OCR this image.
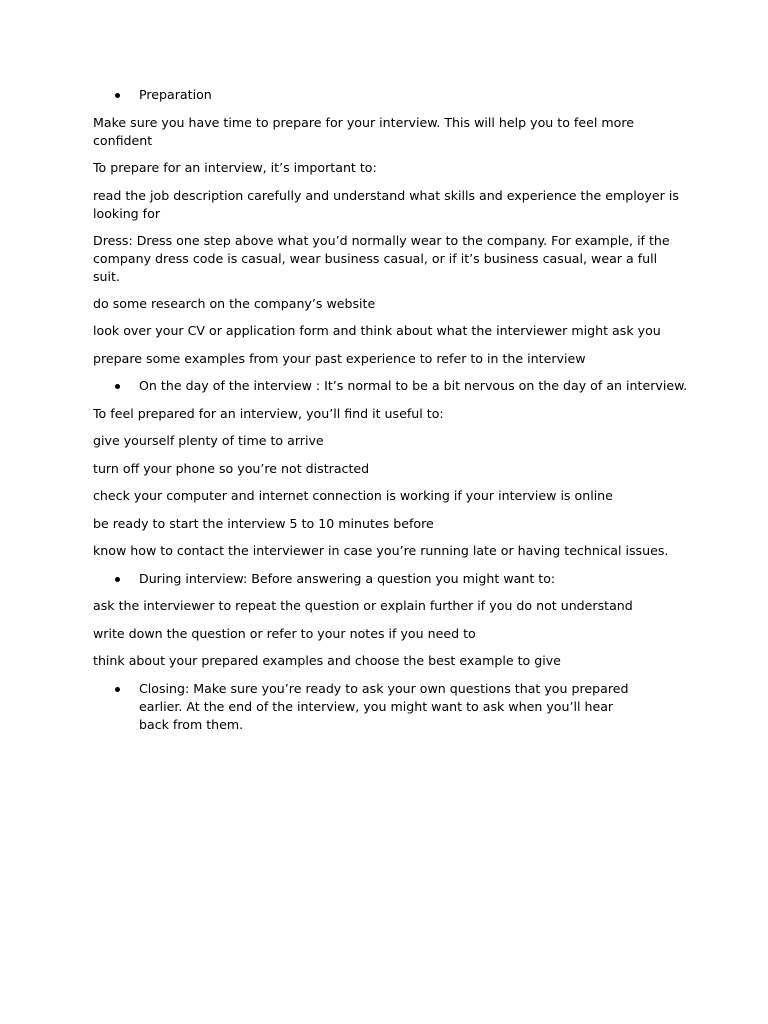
Preparation
Make sure you have time to prepare for your interview. This will help you to feel more confident
To prepare for an interview, it’s important to:
read the job description carefully and understand what skills and experience the employer is looking for
Dress: Dress one step above what you’d normally wear to the company. For example, if the company dress code is casual, wear business casual, or if it’s business casual, wear a full suit.
do some research on the company’s website
look over your CV or application form and think about what the interviewer might ask you
prepare some examples from your past experience to refer to in the interview
On the day of the interview : It’s normal to be a bit nervous on the day of an interview.
To feel prepared for an interview, you’ll find it useful to:
give yourself plenty of time to arrive
turn off your phone so you’re not distracted
check your computer and internet connection is working if your interview is online
be ready to start the interview 5 to 10 minutes before
know how to contact the interviewer in case you’re running late or having technical issues.
During interview: Before answering a question you might want to:
ask the interviewer to repeat the question or explain further if you do not understand
write down the question or refer to your notes if you need to
think about your prepared examples and choose the best example to give
Closing: Make sure you’re ready to ask your own questions that you prepared earlier. At the end of the interview, you might want to ask when you’ll hear back from them.
